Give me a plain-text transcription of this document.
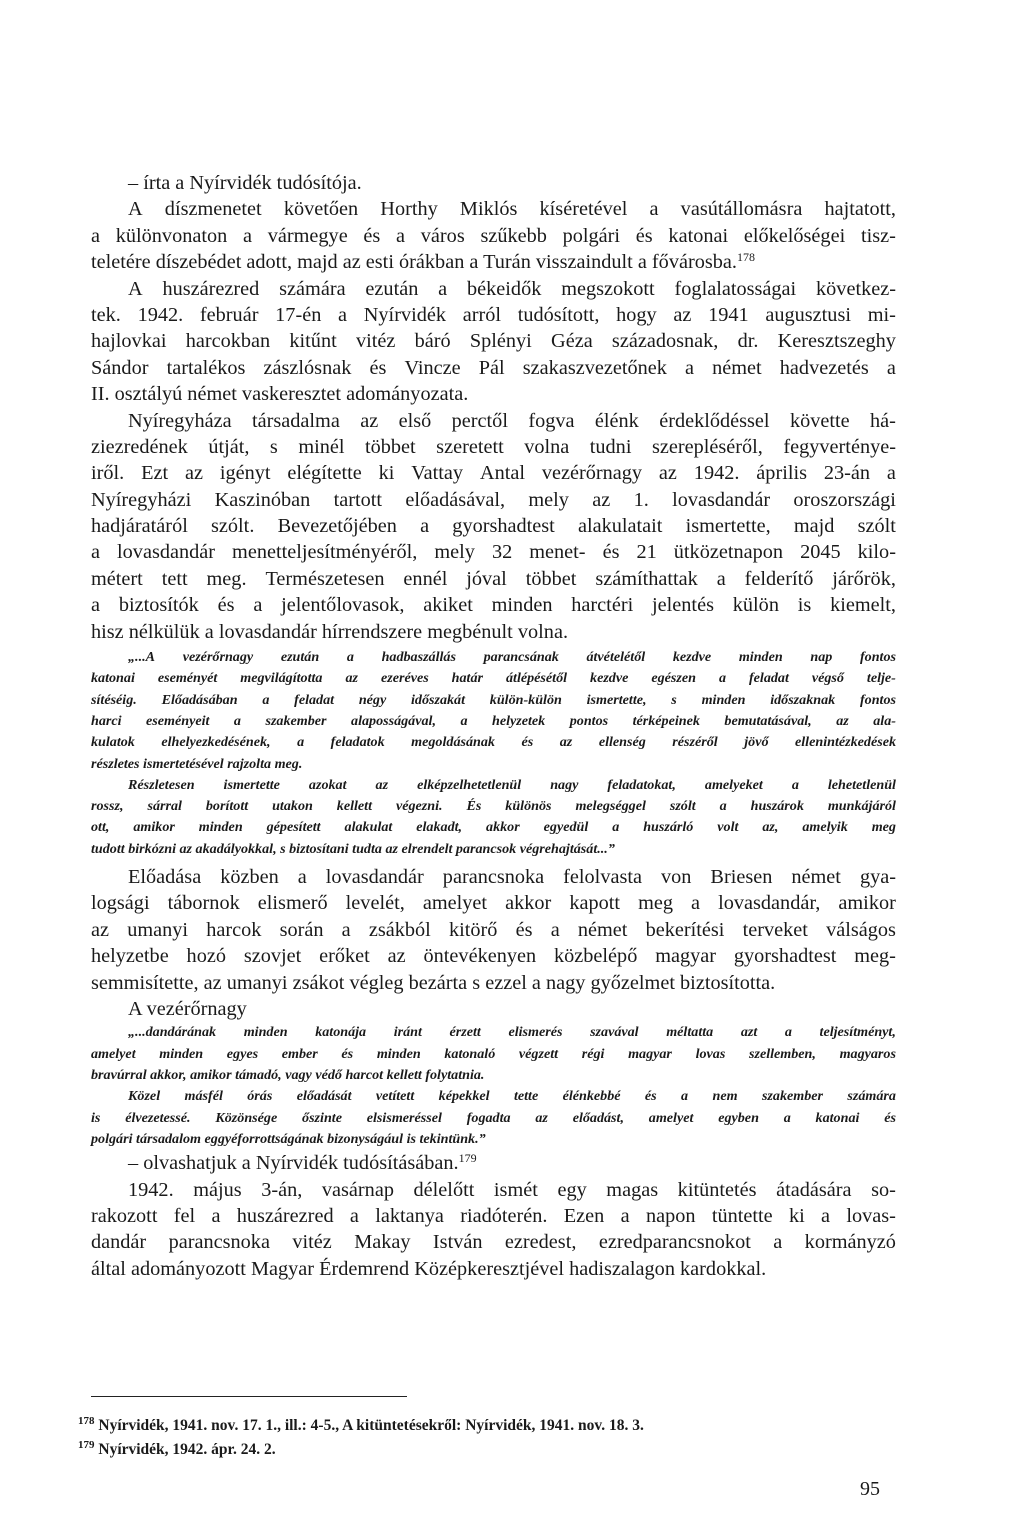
– írta a Nyírvidék tudósítója.
A díszmenetet követően Horthy Miklós kíséretével a vasútállomásra hajtatott,
a különvonaton a vármegye és a város szűkebb polgári és katonai előkelőségei tisz-
teletére díszebédet adott, majd az esti órákban a Turán visszaindult a fővárosba.$^{178}$
A huszárezred számára ezután a békeidők megszokott foglalatosságai következ-
tek. 1942. február 17-én a Nyírvidék arról tudósított, hogy az 1941 augusztusi mi-
hajlovkai harcokban kitűnt vitéz báró Splényi Géza századosnak, dr. Keresztszeghy
Sándor tartalékos zászlósnak és Vincze Pál szakaszvezetőnek a német hadvezetés a
II. osztályú német vaskeresztet adományozata.
Nyíregyháza társadalma az első perctől fogva élénk érdeklődéssel követte há-
ziezredének útját, s minél többet szeretett volna tudni szerepléséről, fegyverténye-
iről. Ezt az igényt elégítette ki Vattay Antal vezérőrnagy az 1942. április 23-án a
Nyíregyházi Kaszinóban tartott előadásával, mely az 1. lovasdandár oroszországi
hadjáratáról szólt. Bevezetőjében a gyorshadtest alakulatait ismertette, majd szólt
a lovasdandár menetteljesítményéről, mely 32 menet- és 21 ütközetnapon 2045 kilo-
métert tett meg. Természetesen ennél jóval többet számíthattak a felderítő járőrök,
a biztosítók és a jelentőlovasok, akiket minden harctéri jelentés külön is kiemelt,
hisz nélkülük a lovasdandár hírrendszere megbénult volna.
„...A vezérőrnagy ezután a hadbaszállás parancsának átvételétől kezdve minden nap fontos
katonai eseményét megvilágította az ezeréves határ átlépésétől kezdve egészen a feladat végső telje-
sítéséig. Előadásában a feladat négy időszakát külön-külön ismertette, s minden időszaknak fontos
harci eseményeit a szakember alaposságával, a helyzetek pontos térképeinek bemutatásával, az ala-
kulatok elhelyezkedésének, a feladatok megoldásának és az ellenség részéről jövő ellenintézkedések
részletes ismertetésével rajzolta meg.
Részletesen ismertette azokat az elképzelhetetlenül nagy feladatokat, amelyeket a lehetetlenül
rossz, sárral borított utakon kellett végezni. És különös melegséggel szólt a huszárok munkájáról
ott, amikor minden gépesített alakulat elakadt, akkor egyedül a huszárló volt az, amelyik meg
tudott birkózni az akadályokkal, s biztosítani tudta az elrendelt parancsok végrehajtását...”
Előadása közben a lovasdandár parancsnoka felolvasta von Briesen német gya-
logsági tábornok elismerő levelét, amelyet akkor kapott meg a lovasdandár, amikor
az umanyi harcok során a zsákból kitörő és a német bekerítési terveket válságos
helyzetbe hozó szovjet erőket az öntevékenyen közbelépő magyar gyorshadtest meg-
semmisítette, az umanyi zsákot végleg bezárta s ezzel a nagy győzelmet biztosította.
A vezérőrnagy
„...dandárának minden katonája iránt érzett elismerés szavával méltatta azt a teljesítményt,
amelyet minden egyes ember és minden katonaló végzett régi magyar lovas szellemben, magyaros
bravúrral akkor, amikor támadó, vagy védő harcot kellett folytatnia.
Közel másfél órás előadását vetített képekkel tette élénkebbé és a nem szakember számára
is élvezetessé. Közönsége őszinte elsismeréssel fogadta az előadást, amelyet egyben a katonai és
polgári társadalom eggyéforrottságának bizonyságául is tekintünk.”
– olvashatjuk a Nyírvidék tudósításában.$^{179}$
1942. május 3-án, vasárnap délelőtt ismét egy magas kitüntetés átadására so-
rakozott fel a huszárezred a laktanya riadóterén. Ezen a napon tüntette ki a lovas-
dandár parancsnoka vitéz Makay István ezredest, ezredparancsnokot a kormányzó
által adományozott Magyar Érdemrend Középkeresztjével hadiszalagon kardokkal.
$^{178}$ Nyírvidék, 1941. nov. 17. 1., ill.: 4-5., A kitüntetésekről: Nyírvidék, 1941. nov. 18. 3.
$^{179}$ Nyírvidék, 1942. ápr. 24. 2.
95
